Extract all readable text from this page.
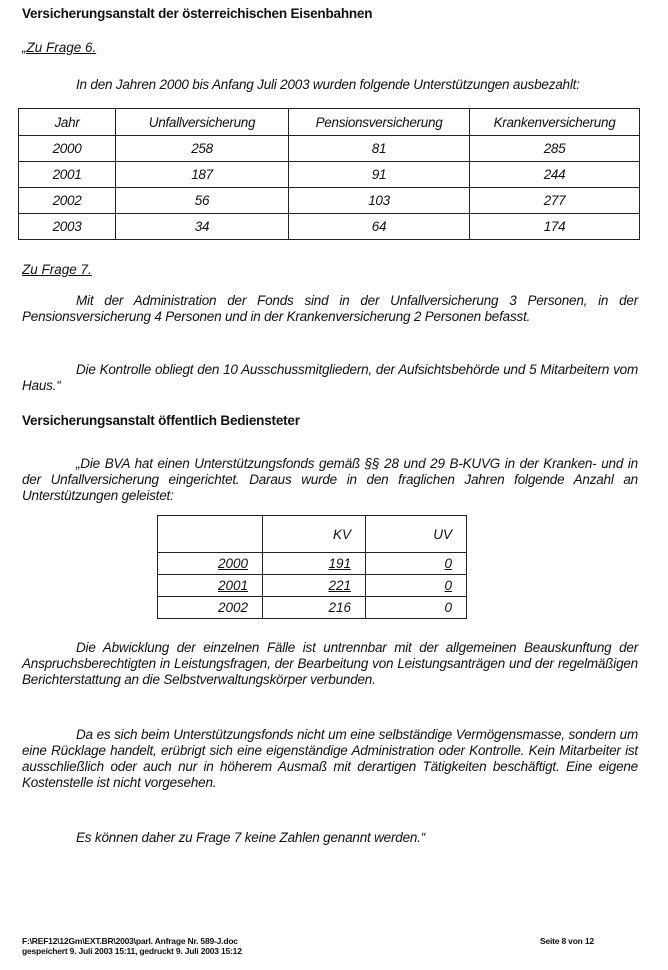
Versicherungsanstalt der österreichischen Eisenbahnen
„Zu Frage 6.
In den Jahren 2000 bis Anfang Juli 2003 wurden folgende Unterstützungen ausbezahlt:
Jahr	Unfallversicherung	Pensionsversicherung	Krankenversicherung
2000	258	81	285
2001	187	91	244
2002	56	103	277
2003	34	64	174
Zu Frage 7.
Mit der Administration der Fonds sind in der Unfallversicherung 3 Personen, in der Pensionsversicherung 4 Personen und in der Krankenversicherung 2 Personen befasst.
Die Kontrolle obliegt den 10 Ausschussmitgliedern, der Aufsichtsbehörde und 5 Mitarbeitern vom Haus.“
Versicherungsanstalt öffentlich Bediensteter
„Die BVA hat einen Unterstützungsfonds gemäß §§ 28 und 29 B-KUVG in der Kranken- und in der Unfallversicherung eingerichtet. Daraus wurde in den fraglichen Jahren folgende Anzahl an Unterstützungen geleistet:
	KV	UV
2000	191	0
2001	221	0
2002	216	0
Die Abwicklung der einzelnen Fälle ist untrennbar mit der allgemeinen Beauskunftung der Anspruchsberechtigten in Leistungsfragen, der Bearbeitung von Leistungsanträgen und der regelmäßigen Berichterstattung an die Selbstverwaltungskörper verbunden.
Da es sich beim Unterstützungsfonds nicht um eine selbständige Vermögensmasse, sondern um eine Rücklage handelt, erübrigt sich eine eigenständige Administration oder Kontrolle. Kein Mitarbeiter ist ausschließlich oder auch nur in höherem Ausmaß mit derartigen Tätigkeiten beschäftigt. Eine eigene Kostenstelle ist nicht vorgesehen.
Es können daher zu Frage 7 keine Zahlen genannt werden.“
F:\REF12\12Gm\EXT.BR\2003\parl. Anfrage Nr. 589-J.doc
gespeichert 9. Juli 2003 15:11, gedruckt 9. Juli 2003 15:12
Seite 8 von 12
